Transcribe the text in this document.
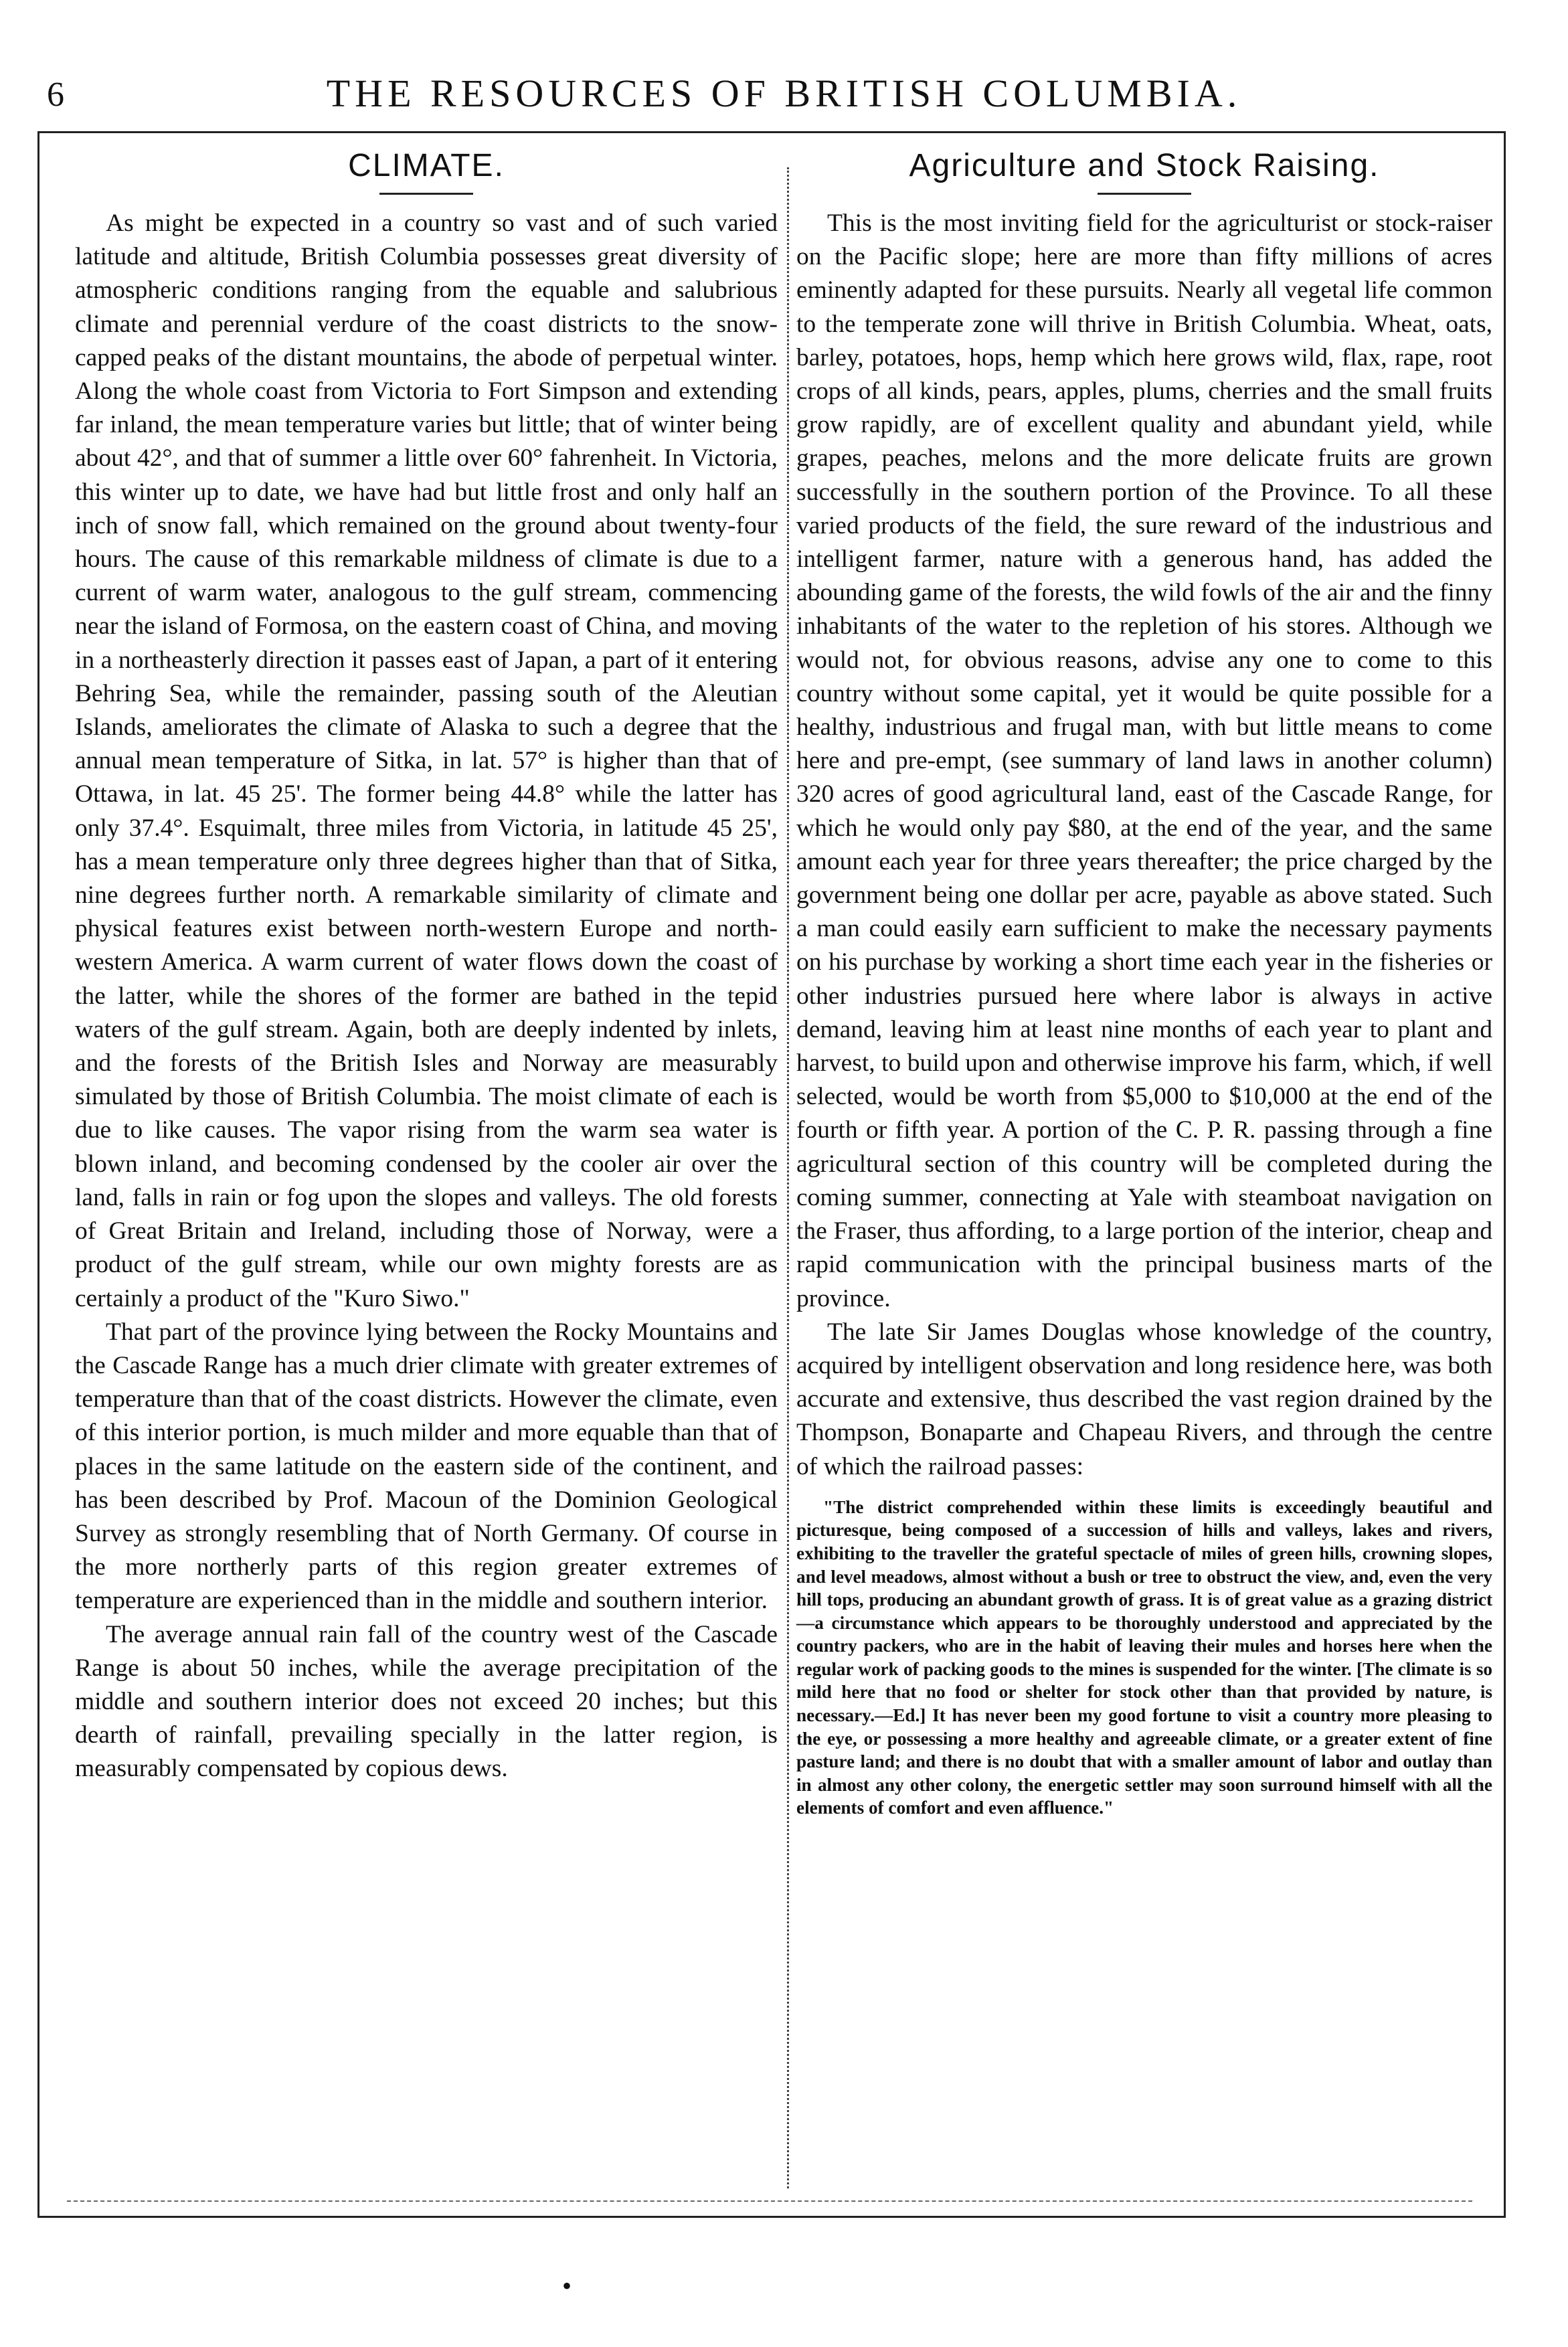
6	THE RESOURCES OF BRITISH COLUMBIA.
CLIMATE.

As might be expected in a country so vast and of such varied latitude and altitude, British Columbia possesses great diversity of atmospheric conditions ranging from the equable and salubrious climate and perennial verdure of the coast districts to the snow-capped peaks of the distant mountains, the abode of perpetual winter. Along the whole coast from Victoria to Fort Simpson and extending far inland, the mean temperature varies but little; that of winter being about 42°, and that of summer a little over 60° fahrenheit. In Victoria, this winter up to date, we have had but little frost and only half an inch of snow fall, which remained on the ground about twenty-four hours. The cause of this remarkable mildness of climate is due to a current of warm water, analogous to the gulf stream, commencing near the island of Formosa, on the eastern coast of China, and moving in a northeasterly direction it passes east of Japan, a part of it entering Behring Sea, while the remainder, passing south of the Aleutian Islands, ameliorates the climate of Alaska to such a degree that the annual mean temperature of Sitka, in lat. 57° is higher than that of Ottawa, in lat. 45 25'. The former being 44.8° while the latter has only 37.4°. Esquimalt, three miles from Victoria, in latitude 45 25', has a mean temperature only three degrees higher than that of Sitka, nine degrees further north. A remarkable similarity of climate and physical features exist between north-western Europe and north-western America. A warm current of water flows down the coast of the latter, while the shores of the former are bathed in the tepid waters of the gulf stream. Again, both are deeply indented by inlets, and the forests of the British Isles and Norway are measurably simulated by those of British Columbia. The moist climate of each is due to like causes. The vapor rising from the warm sea water is blown inland, and becoming condensed by the cooler air over the land, falls in rain or fog upon the slopes and valleys. The old forests of Great Britain and Ireland, including those of Norway, were a product of the gulf stream, while our own mighty forests are as certainly a product of the "Kuro Siwo."

That part of the province lying between the Rocky Mountains and the Cascade Range has a much drier climate with greater extremes of temperature than that of the coast districts. However the climate, even of this interior portion, is much milder and more equable than that of places in the same latitude on the eastern side of the continent, and has been described by Prof. Macoun of the Dominion Geological Survey as strongly resembling that of North Germany. Of course in the more northerly parts of this region greater extremes of temperature are experienced than in the middle and southern interior.

The average annual rain fall of the country west of the Cascade Range is about 50 inches, while the average precipitation of the middle and southern interior does not exceed 20 inches; but this dearth of rainfall, prevailing specially in the latter region, is measurably compensated by copious dews.

Agriculture and Stock Raising.

This is the most inviting field for the agriculturist or stock-raiser on the Pacific slope; here are more than fifty millions of acres eminently adapted for these pursuits. Nearly all vegetal life common to the temperate zone will thrive in British Columbia. Wheat, oats, barley, potatoes, hops, hemp which here grows wild, flax, rape, root crops of all kinds, pears, apples, plums, cherries and the small fruits grow rapidly, are of excellent quality and abundant yield, while grapes, peaches, melons and the more delicate fruits are grown successfully in the southern portion of the Province. To all these varied products of the field, the sure reward of the industrious and intelligent farmer, nature with a generous hand, has added the abounding game of the forests, the wild fowls of the air and the finny inhabitants of the water to the repletion of his stores. Although we would not, for obvious reasons, advise any one to come to this country without some capital, yet it would be quite possible for a healthy, industrious and frugal man, with but little means to come here and pre-empt, (see summary of land laws in another column) 320 acres of good agricultural land, east of the Cascade Range, for which he would only pay $80, at the end of the year, and the same amount each year for three years thereafter; the price charged by the government being one dollar per acre, payable as above stated. Such a man could easily earn sufficient to make the necessary payments on his purchase by working a short time each year in the fisheries or other industries pursued here where labor is always in active demand, leaving him at least nine months of each year to plant and harvest, to build upon and otherwise improve his farm, which, if well selected, would be worth from $5,000 to $10,000 at the end of the fourth or fifth year. A portion of the C. P. R. passing through a fine agricultural section of this country will be completed during the coming summer, connecting at Yale with steamboat navigation on the Fraser, thus affording, to a large portion of the interior, cheap and rapid communication with the principal business marts of the province.

The late Sir James Douglas whose knowledge of the country, acquired by intelligent observation and long residence here, was both accurate and extensive, thus described the vast region drained by the Thompson, Bonaparte and Chapeau Rivers, and through the centre of which the railroad passes:

"The district comprehended within these limits is exceedingly beautiful and picturesque, being composed of a succession of hills and valleys, lakes and rivers, exhibiting to the traveller the grateful spectacle of miles of green hills, crowning slopes, and level meadows, almost without a bush or tree to obstruct the view, and, even the very hill tops, producing an abundant growth of grass. It is of great value as a grazing district—a circumstance which appears to be thoroughly understood and appreciated by the country packers, who are in the habit of leaving their mules and horses here when the regular work of packing goods to the mines is suspended for the winter. [The climate is so mild here that no food or shelter for stock other than that provided by nature, is necessary.—Ed.] It has never been my good fortune to visit a country more pleasing to the eye, or possessing a more healthy and agreeable climate, or a greater extent of fine pasture land; and there is no doubt that with a smaller amount of labor and outlay than in almost any other colony, the energetic settler may soon surround himself with all the elements of comfort and even affluence."

•
